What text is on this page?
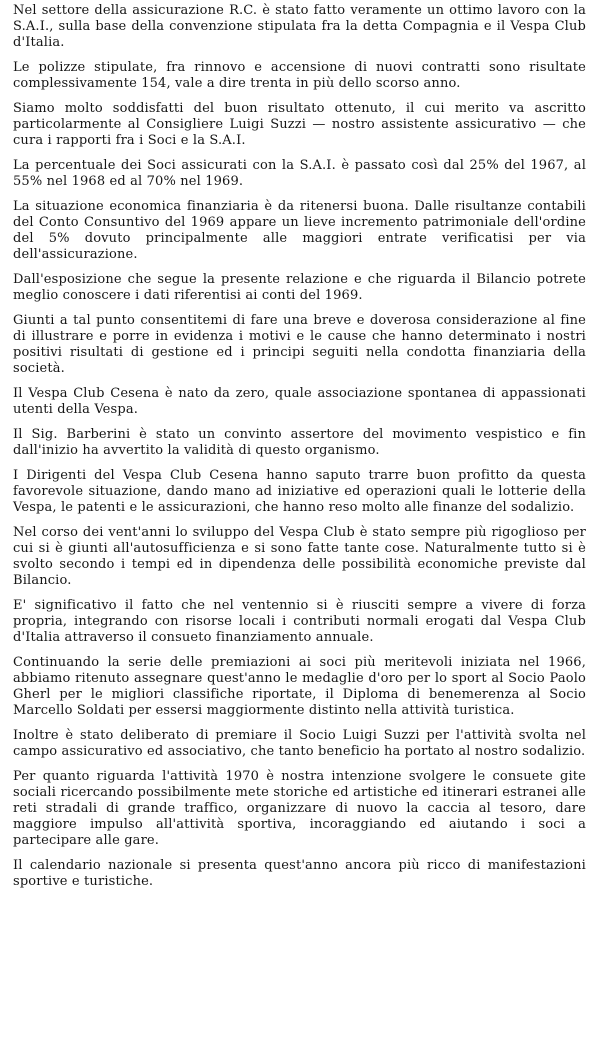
Nel settore della assicurazione R.C. è stato fatto veramente un ottimo lavoro con la S.A.I., sulla base della convenzione stipulata fra la detta Compagnia e il Vespa Club d'Italia.

Le polizze stipulate, fra rinnovo e accensione di nuovi contratti sono risultate complessivamente 154, vale a dire trenta in più dello scorso anno.

Siamo molto soddisfatti del buon risultato ottenuto, il cui merito va ascritto particolarmente al Consigliere Luigi Suzzi — nostro assistente assicurativo — che cura i rapporti fra i Soci e la S.A.I.

La percentuale dei Soci assicurati con la S.A.I. è passato così dal 25% del 1967, al 55% nel 1968 ed al 70% nel 1969.

La situazione economica finanziaria è da ritenersi buona. Dalle risultanze contabili del Conto Consuntivo del 1969 appare un lieve incremento patrimoniale dell'ordine del 5% dovuto principalmente alle maggiori entrate verificatisi per via dell'assicurazione.

Dall'esposizione che segue la presente relazione e che riguarda il Bilancio potrete meglio conoscere i dati riferentisi ai conti del 1969.

Giunti a tal punto consentitemi di fare una breve e doverosa considerazione al fine di illustrare e porre in evidenza i motivi e le cause che hanno determinato i nostri positivi risultati di gestione ed i principi seguiti nella condotta finanziaria della società.

Il Vespa Club Cesena è nato da zero, quale associazione spontanea di appassionati utenti della Vespa.

Il Sig. Barberini è stato un convinto assertore del movimento vespistico e fin dall'inizio ha avvertito la validità di questo organismo.

I Dirigenti del Vespa Club Cesena hanno saputo trarre buon profitto da questa favorevole situazione, dando mano ad iniziative ed operazioni quali le lotterie della Vespa, le patenti e le assicurazioni, che hanno reso molto alle finanze del sodalizio.

Nel corso dei vent'anni lo sviluppo del Vespa Club è stato sempre più rigoglioso per cui si è giunti all'autosufficienza e si sono fatte tante cose. Naturalmente tutto si è svolto secondo i tempi ed in dipendenza delle possibilità economiche previste dal Bilancio.

E' significativo il fatto che nel ventennio si è riusciti sempre a vivere di forza propria, integrando con risorse locali i contributi normali erogati dal Vespa Club d'Italia attraverso il consueto finanziamento annuale.

Continuando la serie delle premiazioni ai soci più meritevoli iniziata nel 1966, abbiamo ritenuto assegnare quest'anno le medaglie d'oro per lo sport al Socio Paolo Gherl per le migliori classifiche riportate, il Diploma di benemerenza al Socio Marcello Soldati per essersi maggiormente distinto nella attività turistica.

Inoltre è stato deliberato di premiare il Socio Luigi Suzzi per l'attività svolta nel campo assicurativo ed associativo, che tanto beneficio ha portato al nostro sodalizio.

Per quanto riguarda l'attività 1970 è nostra intenzione svolgere le consuete gite sociali ricercando possibilmente mete storiche ed artistiche ed itinerari estranei alle reti stradali di grande traffico, organizzare di nuovo la caccia al tesoro, dare maggiore impulso all'attività sportiva, incoraggiando ed aiutando i soci a partecipare alle gare.

Il calendario nazionale si presenta quest'anno ancora più ricco di manifestazioni sportive e turistiche.
